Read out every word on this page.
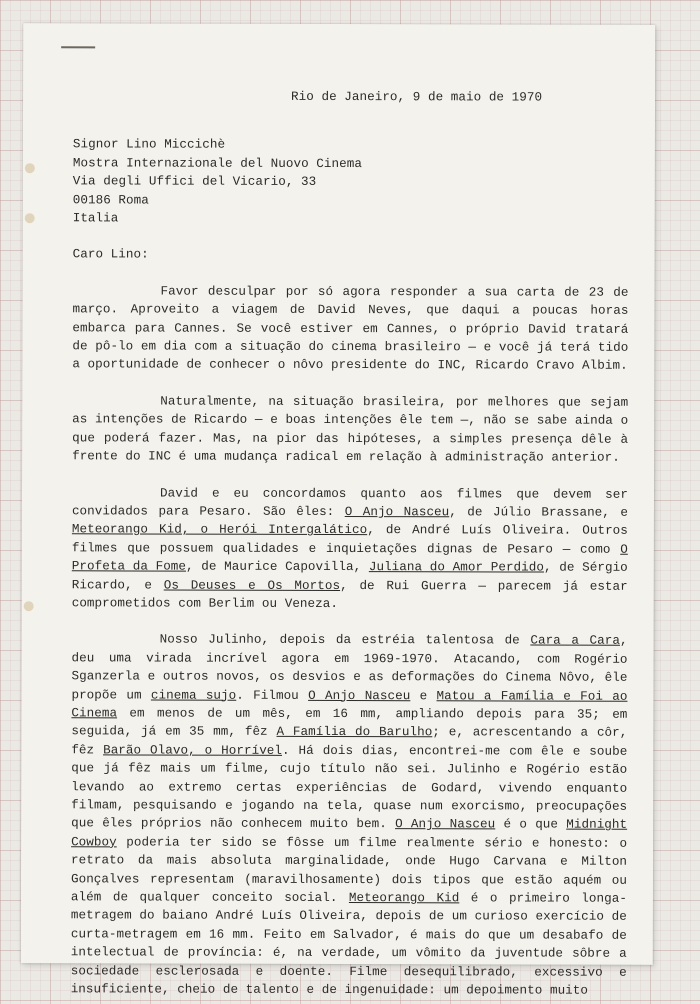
Rio de Janeiro, 9 de maio de 1970
Signor Lino Miccichè
Mostra Internazionale del Nuovo Cinema
Via degli Uffici del Vicario, 33
00186 Roma
Italia
Caro Lino:
Favor desculpar por só agora responder a sua carta de 23 de março. Aproveito a viagem de David Neves, que daqui a poucas horas embarca para Cannes. Se você estiver em Cannes, o próprio David tratará de pô-lo em dia com a situação do cinema brasileiro — e você já terá tido a oportunidade de conhecer o nôvo presidente do INC, Ricardo Cravo Albim.
Naturalmente, na situação brasileira, por melhores que sejam as intenções de Ricardo — e boas intenções êle tem —, não se sabe ainda o que poderá fazer. Mas, na pior das hipóteses, a simples presença dêle à frente do INC é uma mudança radical em relação à administração anterior.
David e eu concordamos quanto aos filmes que devem ser convidados para Pesaro. São êles: O Anjo Nasceu, de Júlio Brassane, e Meteorango Kid, o Herói Intergalático, de André Luís Oliveira. Outros filmes que possuem qualidades e inquietações dignas de Pesaro — como O Profeta da Fome, de Maurice Capovilla, Juliana do Amor Perdido, de Sérgio Ricardo, e Os Deuses e Os Mortos, de Rui Guerra — parecem já estar comprometidos com Berlim ou Veneza.
Nosso Julinho, depois da estréia talentosa de Cara a Cara, deu uma virada incrível agora em 1969-1970. Atacando, com Rogério Sganzerla e outros novos, os desvios e as deformações do Cinema Nôvo, êle propõe um cinema sujo. Filmou O Anjo Nasceu e Matou a Família e Foi ao Cinema em menos de um mês, em 16 mm, ampliando depois para 35; em seguida, já em 35 mm, fêz A Família do Barulho; e, acrescentando a côr, fêz Barão Olavo, o Horrível. Há dois dias, encontrei-me com êle e soube que já fêz mais um filme, cujo título não sei. Julinho e Rogério estão levando ao extremo certas experiências de Godard, vivendo enquanto filmam, pesquisando e jogando na tela, quase num exorcismo, preocupações que êles próprios não conhecem muito bem. O Anjo Nasceu é o que Midnight Cowboy poderia ter sido se fôsse um filme realmente sério e honesto: o retrato da mais absoluta marginalidade, onde Hugo Carvana e Milton Gonçalves representam (maravilhosamente) dois tipos que estão aquém ou além de qualquer conceito social. Meteorango Kid é o primeiro longa-metragem do baiano André Luís Oliveira, depois de um curioso exercício de curta-metragem em 16 mm. Feito em Salvador, é mais do que um desabafo de intelectual de província: é, na verdade, um vômito da juventude sôbre a sociedade esclerosada e doente. Filme desequilibrado, excessivo e insuficiente, cheio de talento e de ingenuidade: um depoimento muito
